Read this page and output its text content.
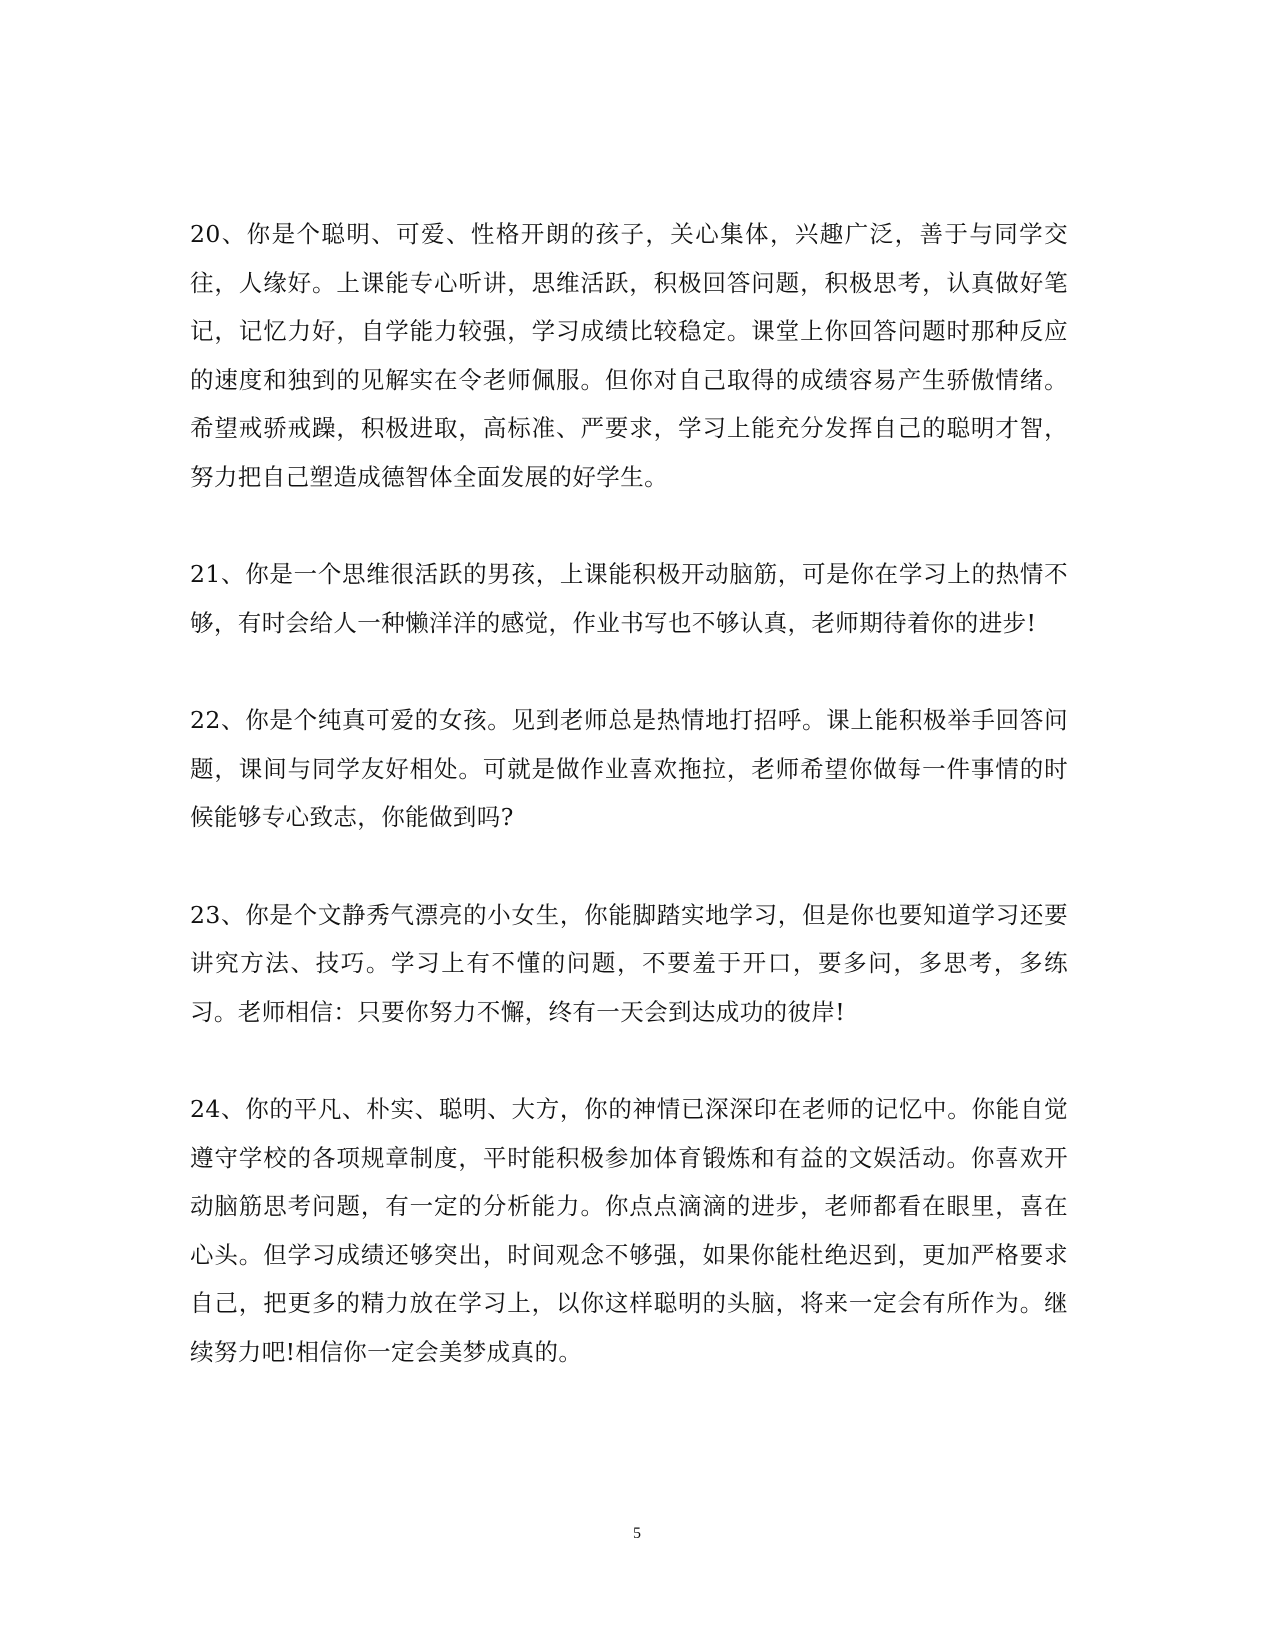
20、你是个聪明、可爱、性格开朗的孩子，关心集体，兴趣广泛，善于与同学交往，人缘好。上课能专心听讲，思维活跃，积极回答问题，积极思考，认真做好笔记，记忆力好，自学能力较强，学习成绩比较稳定。课堂上你回答问题时那种反应的速度和独到的见解实在令老师佩服。但你对自己取得的成绩容易产生骄傲情绪。希望戒骄戒躁，积极进取，高标准、严要求，学习上能充分发挥自己的聪明才智，努力把自己塑造成德智体全面发展的好学生。

21、你是一个思维很活跃的男孩，上课能积极开动脑筋，可是你在学习上的热情不够，有时会给人一种懒洋洋的感觉，作业书写也不够认真，老师期待着你的进步!

22、你是个纯真可爱的女孩。见到老师总是热情地打招呼。课上能积极举手回答问题，课间与同学友好相处。可就是做作业喜欢拖拉，老师希望你做每一件事情的时候能够专心致志，你能做到吗?

23、你是个文静秀气漂亮的小女生，你能脚踏实地学习，但是你也要知道学习还要讲究方法、技巧。学习上有不懂的问题，不要羞于开口，要多问，多思考，多练习。老师相信：只要你努力不懈，终有一天会到达成功的彼岸!

24、你的平凡、朴实、聪明、大方，你的神情已深深印在老师的记忆中。你能自觉遵守学校的各项规章制度，平时能积极参加体育锻炼和有益的文娱活动。你喜欢开动脑筋思考问题，有一定的分析能力。你点点滴滴的进步，老师都看在眼里，喜在心头。但学习成绩还够突出，时间观念不够强，如果你能杜绝迟到，更加严格要求自己，把更多的精力放在学习上，以你这样聪明的头脑，将来一定会有所作为。继续努力吧!相信你一定会美梦成真的。

5
